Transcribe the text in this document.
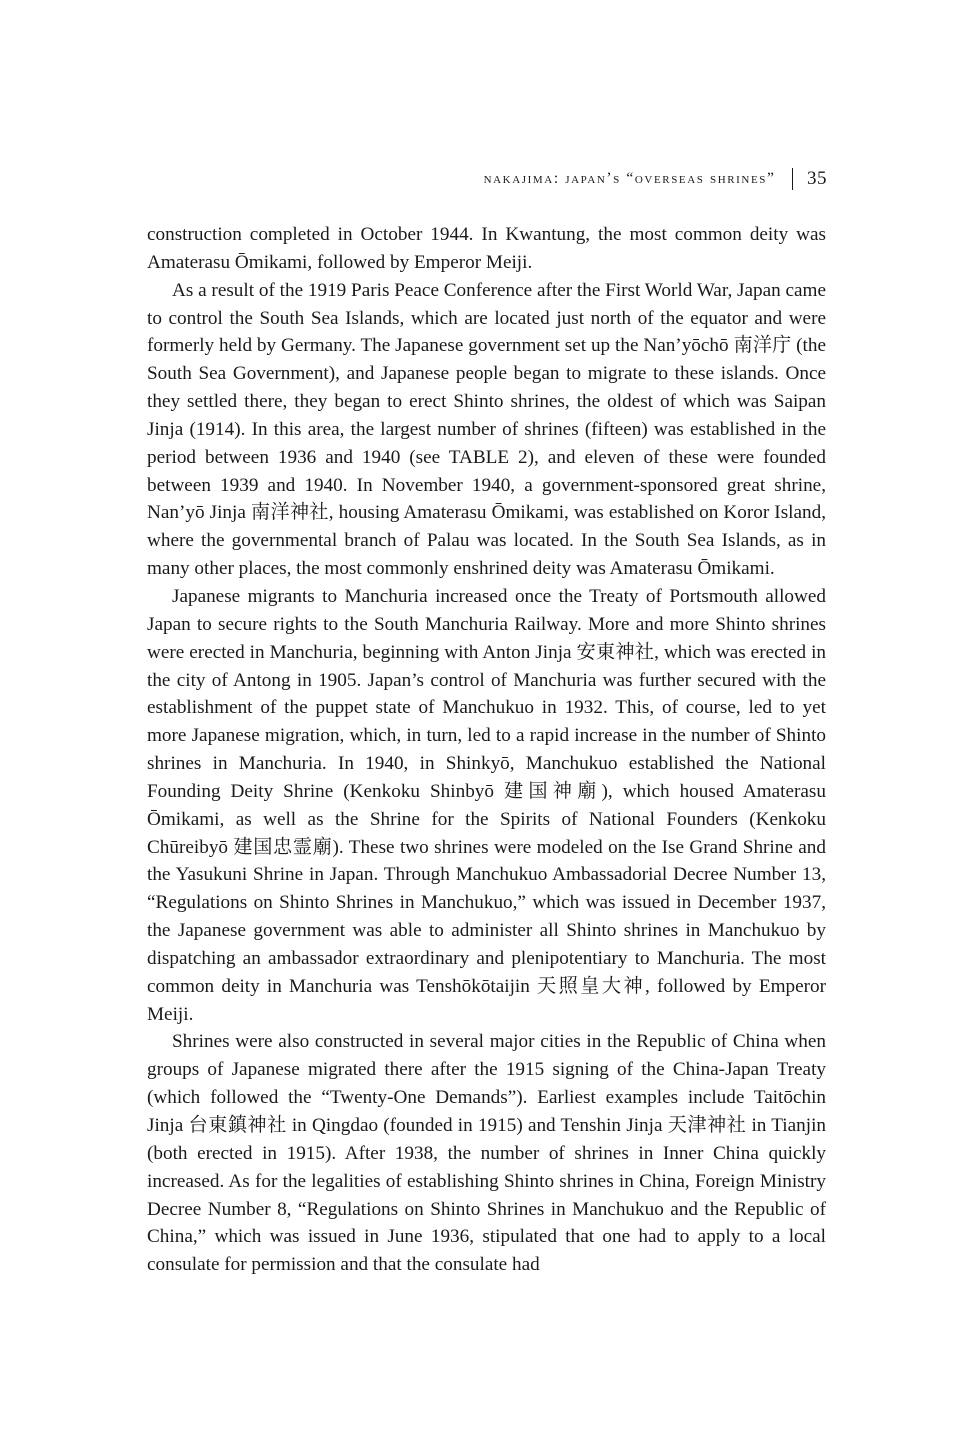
nakajima: japan’s “overseas shrines” 35

construction completed in October 1944. In Kwantung, the most common deity was Amaterasu Ōmikami, followed by Emperor Meiji.

As a result of the 1919 Paris Peace Conference after the First World War, Japan came to control the South Sea Islands, which are located just north of the equator and were formerly held by Germany. The Japanese government set up the Nan’yōchō 南洋庁 (the South Sea Government), and Japanese people began to migrate to these islands. Once they settled there, they began to erect Shinto shrines, the oldest of which was Saipan Jinja (1914). In this area, the largest number of shrines (fifteen) was established in the period between 1936 and 1940 (see TABLE 2), and eleven of these were founded between 1939 and 1940. In November 1940, a government-sponsored great shrine, Nan’yō Jinja 南洋神社, housing Amaterasu Ōmikami, was established on Koror Island, where the governmental branch of Palau was located. In the South Sea Islands, as in many other places, the most commonly enshrined deity was Amaterasu Ōmikami.

Japanese migrants to Manchuria increased once the Treaty of Portsmouth allowed Japan to secure rights to the South Manchuria Railway. More and more Shinto shrines were erected in Manchuria, beginning with Anton Jinja 安東神社, which was erected in the city of Antong in 1905. Japan’s control of Manchuria was further secured with the establishment of the puppet state of Manchukuo in 1932. This, of course, led to yet more Japanese migration, which, in turn, led to a rapid increase in the number of Shinto shrines in Manchuria. In 1940, in Shinkyō, Manchukuo established the National Founding Deity Shrine (Kenkoku Shinbyō 建国神廟), which housed Amaterasu Ōmikami, as well as the Shrine for the Spirits of National Founders (Kenkoku Chūreibyō 建国忠霊廟). These two shrines were modeled on the Ise Grand Shrine and the Yasukuni Shrine in Japan. Through Manchukuo Ambassadorial Decree Number 13, “Regulations on Shinto Shrines in Manchukuo,” which was issued in December 1937, the Japanese government was able to administer all Shinto shrines in Manchukuo by dispatching an ambassador extraordinary and plenipotentiary to Manchuria. The most common deity in Manchuria was Tenshōkōtaijin 天照皇大神, followed by Emperor Meiji.

Shrines were also constructed in several major cities in the Republic of China when groups of Japanese migrated there after the 1915 signing of the China-Japan Treaty (which followed the “Twenty-One Demands”). Earliest examples include Taitōchin Jinja 台東鎮神社 in Qingdao (founded in 1915) and Tenshin Jinja 天津神社 in Tianjin (both erected in 1915). After 1938, the number of shrines in Inner China quickly increased. As for the legalities of establishing Shinto shrines in China, Foreign Ministry Decree Number 8, “Regulations on Shinto Shrines in Manchukuo and the Republic of China,” which was issued in June 1936, stipulated that one had to apply to a local consulate for permission and that the consulate had
